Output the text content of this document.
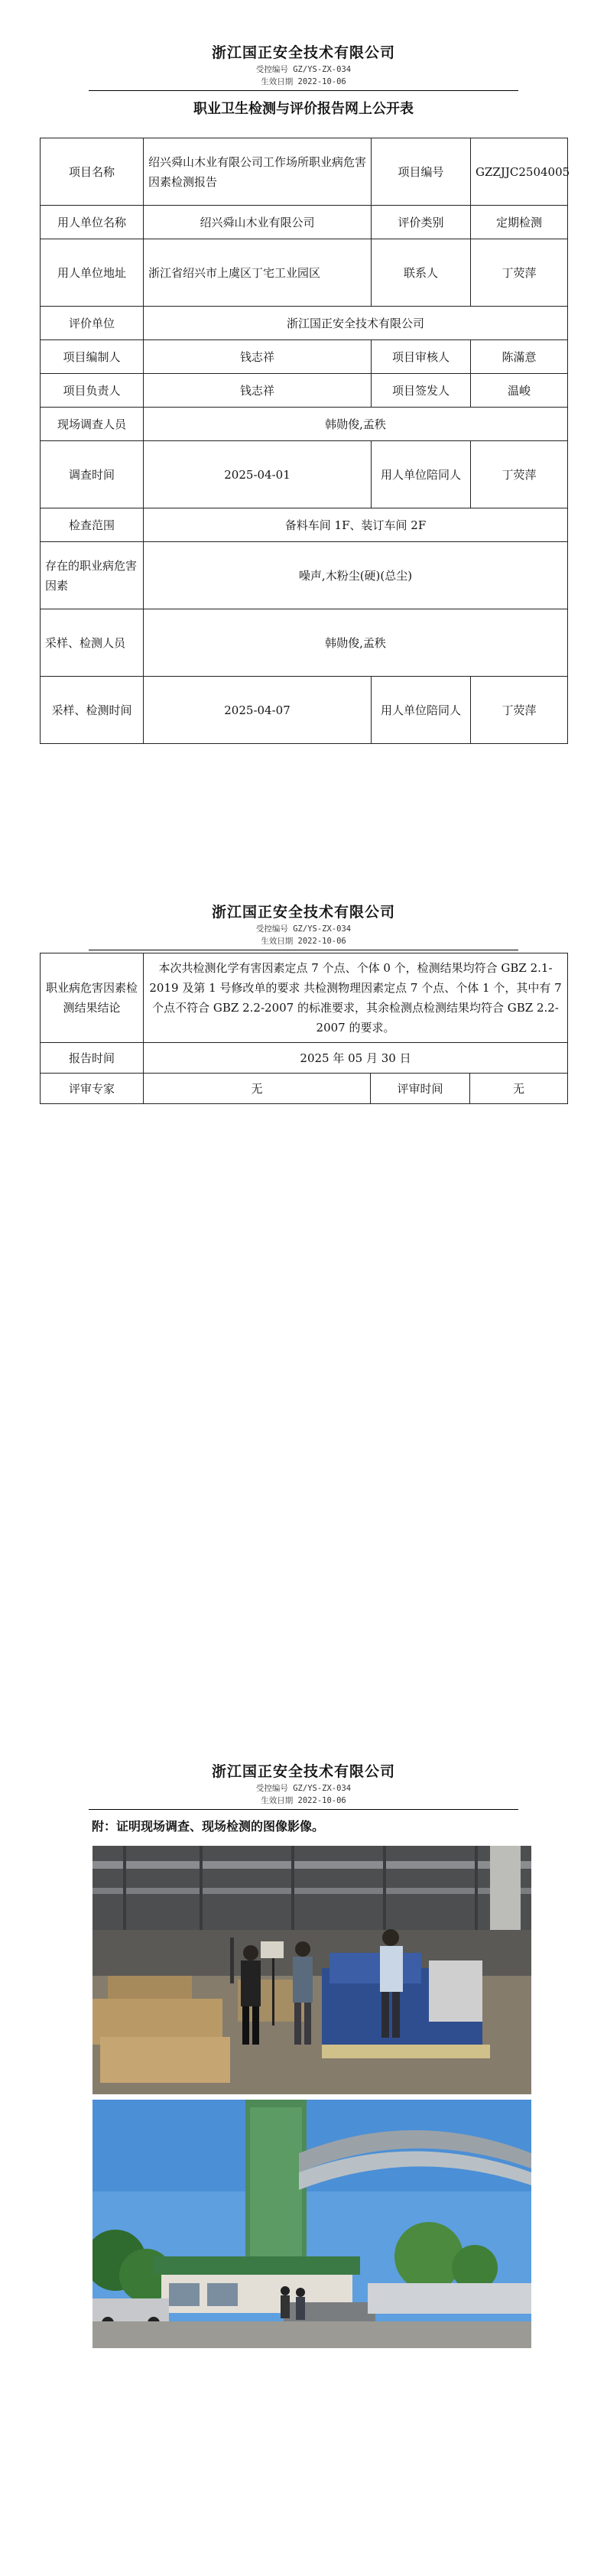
浙江国正安全技术有限公司
受控编号 GZ/YS-ZX-034
生效日期 2022-10-06
职业卫生检测与评价报告网上公开表
项目名称	绍兴舜山木业有限公司工作场所职业病危害因素检测报告	项目编号	GZZJJC2504005
用人单位名称	绍兴舜山木业有限公司	评价类别	定期检测
用人单位地址	浙江省绍兴市上虞区丁宅工业园区	联系人	丁荧萍
评价单位	浙江国正安全技术有限公司		
项目编制人	钱志祥	项目审核人	陈滿意
项目负责人	钱志祥	项目签发人	温峻
现场调查人员	韩勋俊,孟秩		
调查时间	2025-04-01	用人单位陪同人	丁荧萍
检查范围	备料车间 1F、装订车间 2F		
存在的职业病危害因素	噪声,木粉尘(硬)(总尘)		
采样、检测人员	韩勋俊,孟秩		
采样、检测时间	2025-04-07	用人单位陪同人	丁荧萍
浙江国正安全技术有限公司
受控编号 GZ/YS-ZX-034
生效日期 2022-10-06
职业病危害因素检测结果结论	本次共检测化学有害因素定点 7 个点、个体 0 个，检测结果均符合 GBZ 2.1-2019 及第 1 号修改单的要求 共检测物理因素定点 7 个点、个体 1 个，其中有 7 个点不符合 GBZ 2.2-2007 的标准要求，其余检测点检测结果均符合 GBZ 2.2-2007 的要求。		
报告时间	2025 年 05 月 30 日		
评审专家	无	评审时间	无
浙江国正安全技术有限公司
受控编号 GZ/YS-ZX-034
生效日期 2022-10-06
附：证明现场调查、现场检测的图像影像。
